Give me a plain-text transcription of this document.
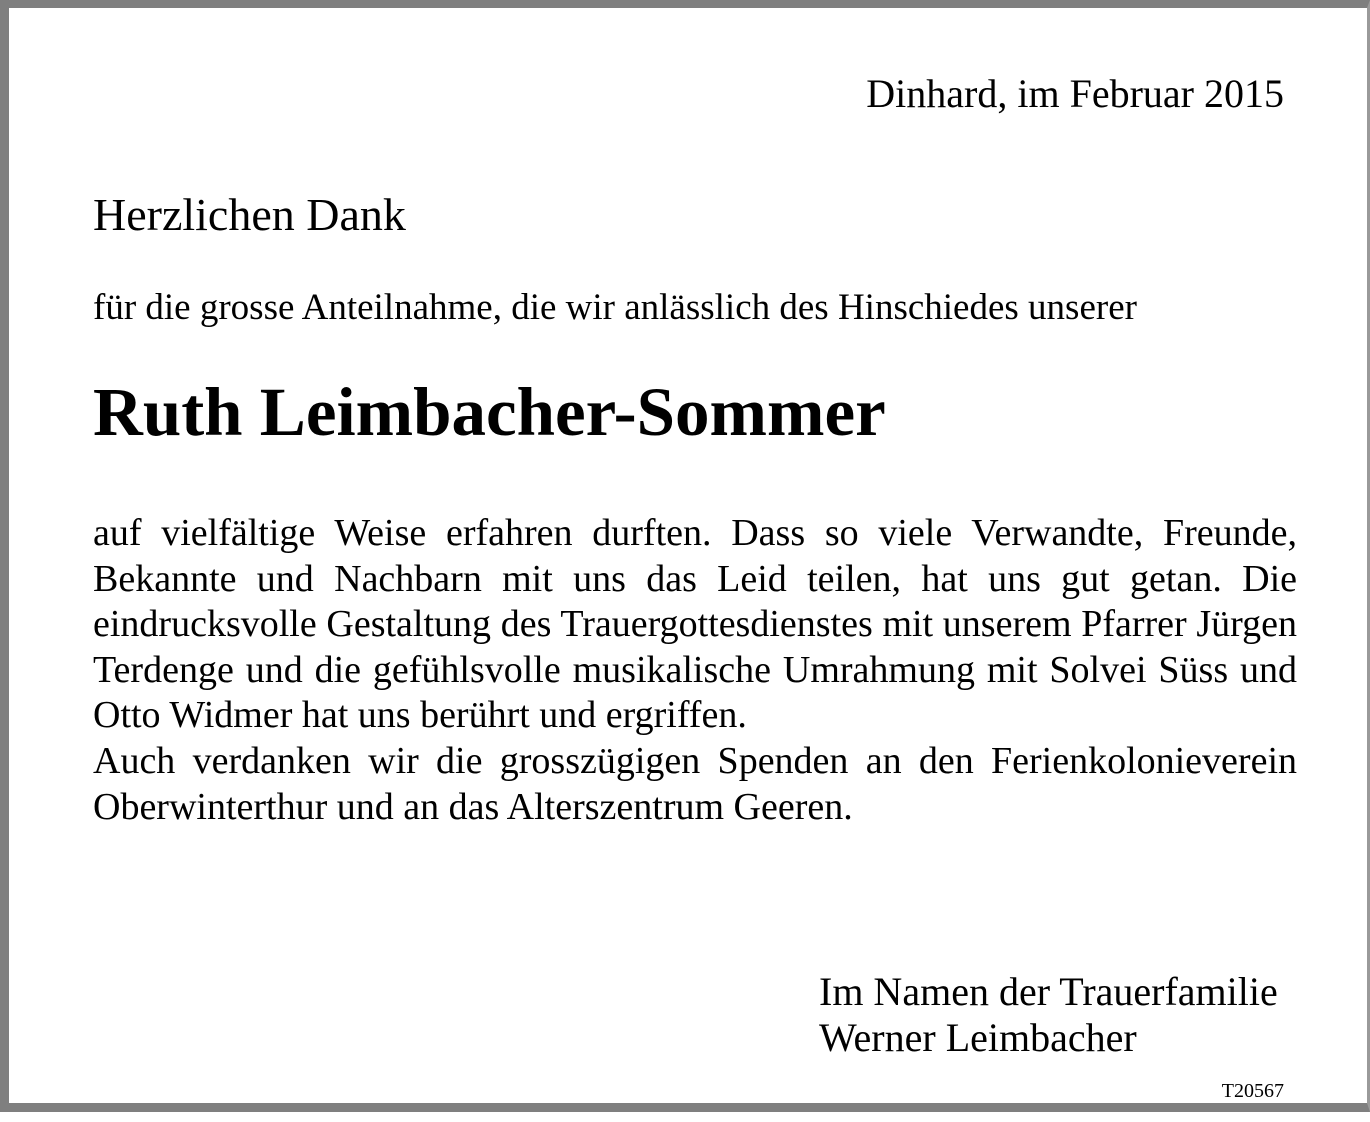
Dinhard, im Februar 2015
Herzlichen Dank
für die grosse Anteilnahme, die wir anlässlich des Hinschiedes unserer
Ruth Leimbacher-Sommer

auf vielfältige Weise erfahren durften. Dass so viele Verwandte, Freunde, Bekannte und Nachbarn mit uns das Leid teilen, hat uns gut getan. Die eindrucksvolle Gestaltung des Trauergottesdienstes mit unserem Pfarrer Jürgen Terdenge und die gefühlsvolle musikalische Umrahmung mit Solvei Süss und Otto Widmer hat uns berührt und ergriffen.

Auch verdanken wir die grosszügigen Spenden an den Ferienkolonieverein Oberwinterthur und an das Alterszentrum Geeren.

Im Namen der Trauerfamilie
Werner Leimbacher
T20567
